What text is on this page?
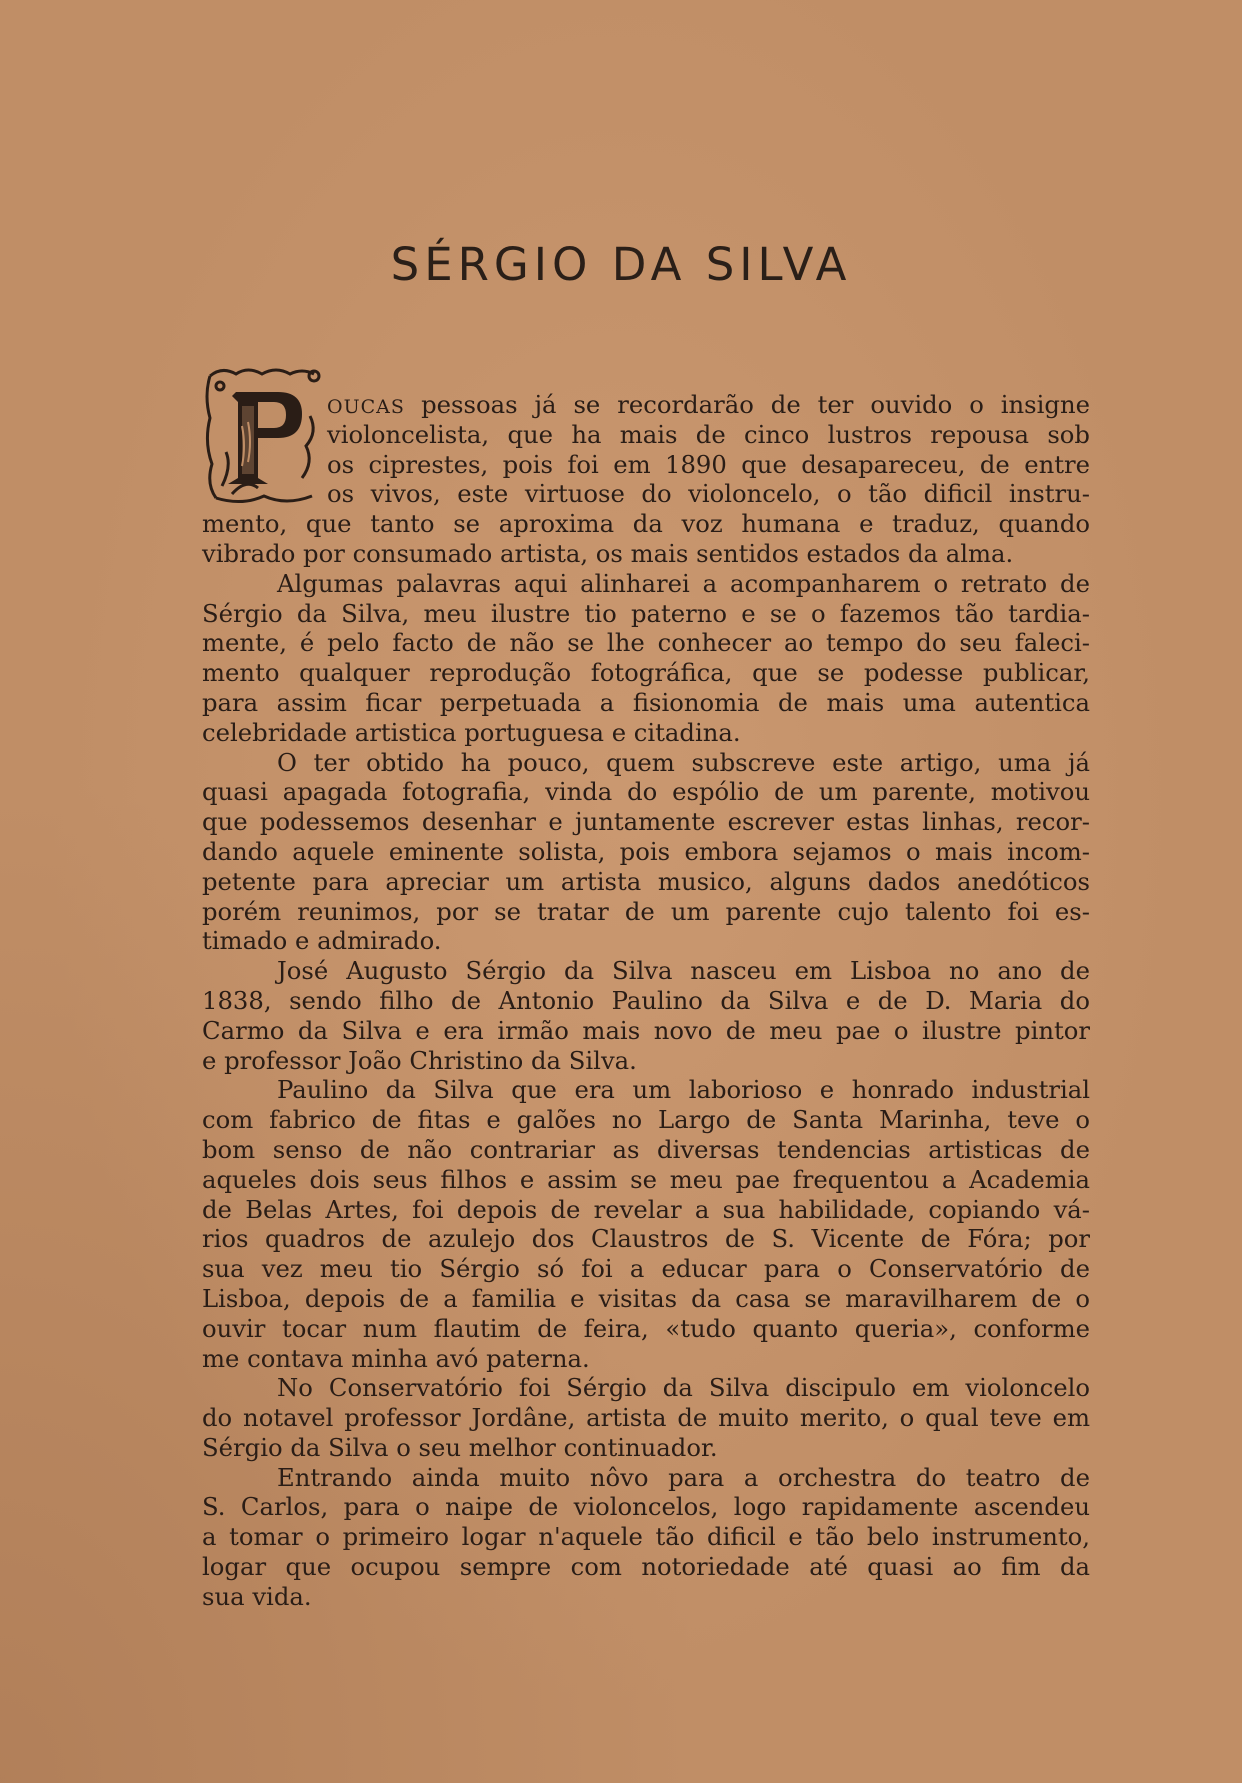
SÉRGIO DA SILVA
OUCAS pessoas já se recordarão de ter ouvido o insigne
violoncelista, que ha mais de cinco lustros repousa sob
os ciprestes, pois foi em 1890 que desapareceu, de entre
os vivos, este virtuose do violoncelo, o tão dificil instru-
mento, que tanto se aproxima da voz humana e traduz, quando
vibrado por consumado artista, os mais sentidos estados da alma.
Algumas palavras aqui alinharei a acompanharem o retrato de
Sérgio da Silva, meu ilustre tio paterno e se o fazemos tão tardia-
mente, é pelo facto de não se lhe conhecer ao tempo do seu faleci-
mento qualquer reprodução fotográfica, que se podesse publicar,
para assim ficar perpetuada a fisionomia de mais uma autentica
celebridade artistica portuguesa e citadina.
O ter obtido ha pouco, quem subscreve este artigo, uma já
quasi apagada fotografia, vinda do espólio de um parente, motivou
que podessemos desenhar e juntamente escrever estas linhas, recor-
dando aquele eminente solista, pois embora sejamos o mais incom-
petente para apreciar um artista musico, alguns dados anedóticos
porém reunimos, por se tratar de um parente cujo talento foi es-
timado e admirado.
José Augusto Sérgio da Silva nasceu em Lisboa no ano de
1838, sendo filho de Antonio Paulino da Silva e de D. Maria do
Carmo da Silva e era irmão mais novo de meu pae o ilustre pintor
e professor João Christino da Silva.
Paulino da Silva que era um laborioso e honrado industrial
com fabrico de fitas e galões no Largo de Santa Marinha, teve o
bom senso de não contrariar as diversas tendencias artisticas de
aqueles dois seus filhos e assim se meu pae frequentou a Academia
de Belas Artes, foi depois de revelar a sua habilidade, copiando vá-
rios quadros de azulejo dos Claustros de S. Vicente de Fóra; por
sua vez meu tio Sérgio só foi a educar para o Conservatório de
Lisboa, depois de a familia e visitas da casa se maravilharem de o
ouvir tocar num flautim de feira, «tudo quanto queria», conforme
me contava minha avó paterna.
No Conservatório foi Sérgio da Silva discipulo em violoncelo
do notavel professor Jordâne, artista de muito merito, o qual teve em
Sérgio da Silva o seu melhor continuador.
Entrando ainda muito nôvo para a orchestra do teatro de
S. Carlos, para o naipe de violoncelos, logo rapidamente ascendeu
a tomar o primeiro logar n'aquele tão dificil e tão belo instrumento,
logar que ocupou sempre com notoriedade até quasi ao fim da
sua vida.
